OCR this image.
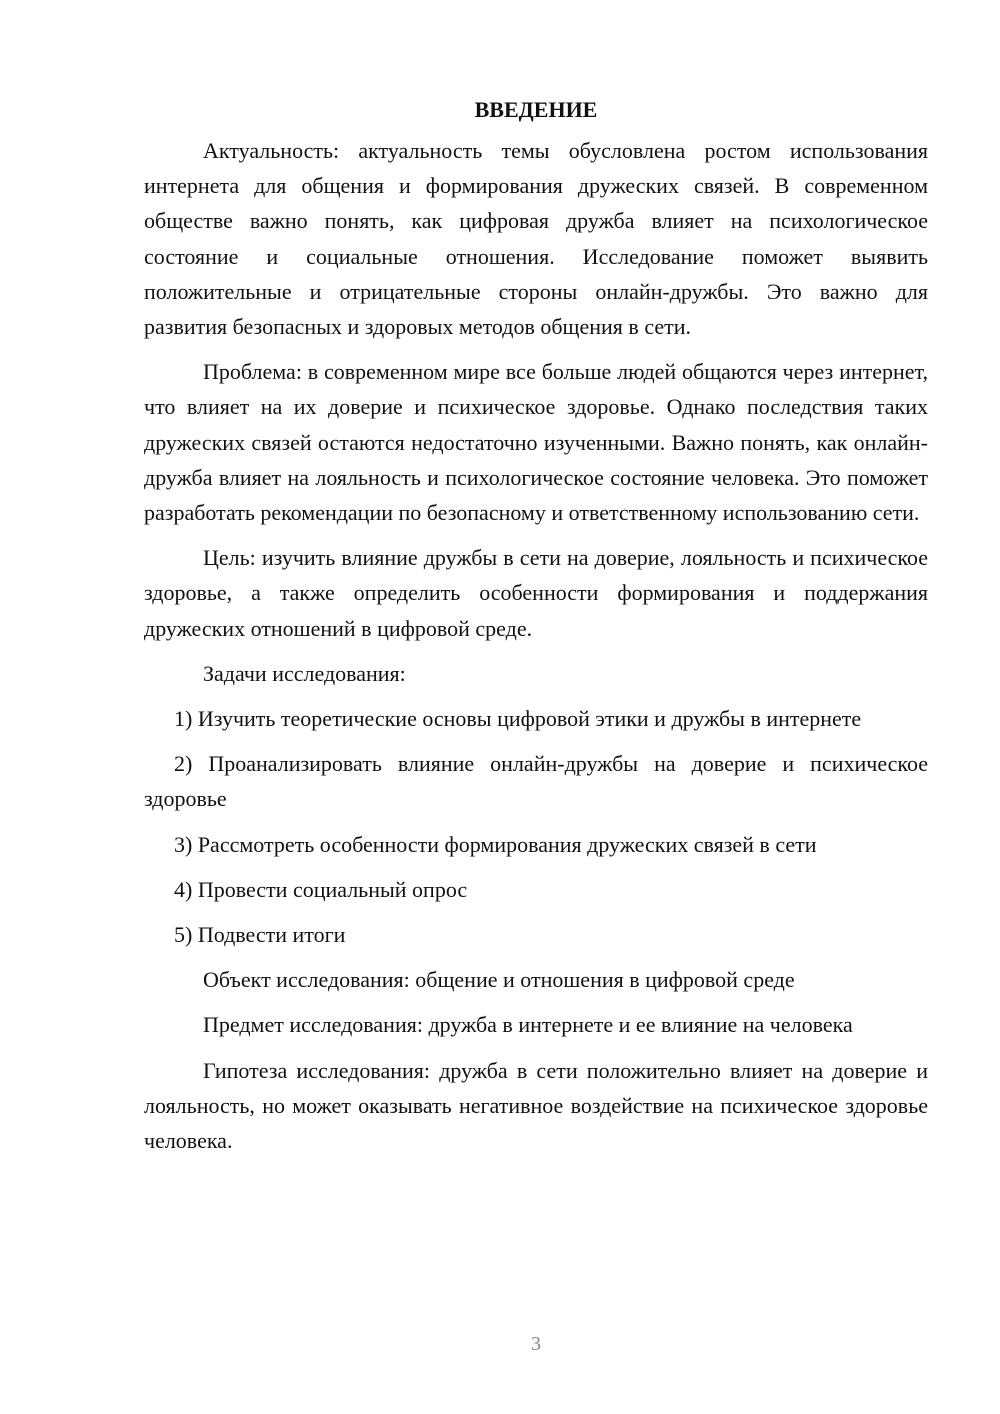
ВВЕДЕНИЕ

Актуальность: актуальность темы обусловлена ростом использования интернета для общения и формирования дружеских связей. В современном обществе важно понять, как цифровая дружба влияет на психологическое состояние и социальные отношения. Исследование поможет выявить положительные и отрицательные стороны онлайн-дружбы. Это важно для развития безопасных и здоровых методов общения в сети.

Проблема: в современном мире все больше людей общаются через интернет, что влияет на их доверие и психическое здоровье. Однако последствия таких дружеских связей остаются недостаточно изученными. Важно понять, как онлайн-дружба влияет на лояльность и психологическое состояние человека. Это поможет разработать рекомендации по безопасному и ответственному использованию сети.

Цель: изучить влияние дружбы в сети на доверие, лояльность и психическое здоровье, а также определить особенности формирования и поддержания дружеских отношений в цифровой среде.

Задачи исследования:

1) Изучить теоретические основы цифровой этики и дружбы в интернете

2) Проанализировать влияние онлайн-дружбы на доверие и психическое здоровье

3) Рассмотреть особенности формирования дружеских связей в сети

4) Провести социальный опрос

5) Подвести итоги

Объект исследования: общение и отношения в цифровой среде

Предмет исследования: дружба в интернете и ее влияние на человека

Гипотеза исследования: дружба в сети положительно влияет на доверие и лояльность, но может оказывать негативное воздействие на психическое здоровье человека.

3
